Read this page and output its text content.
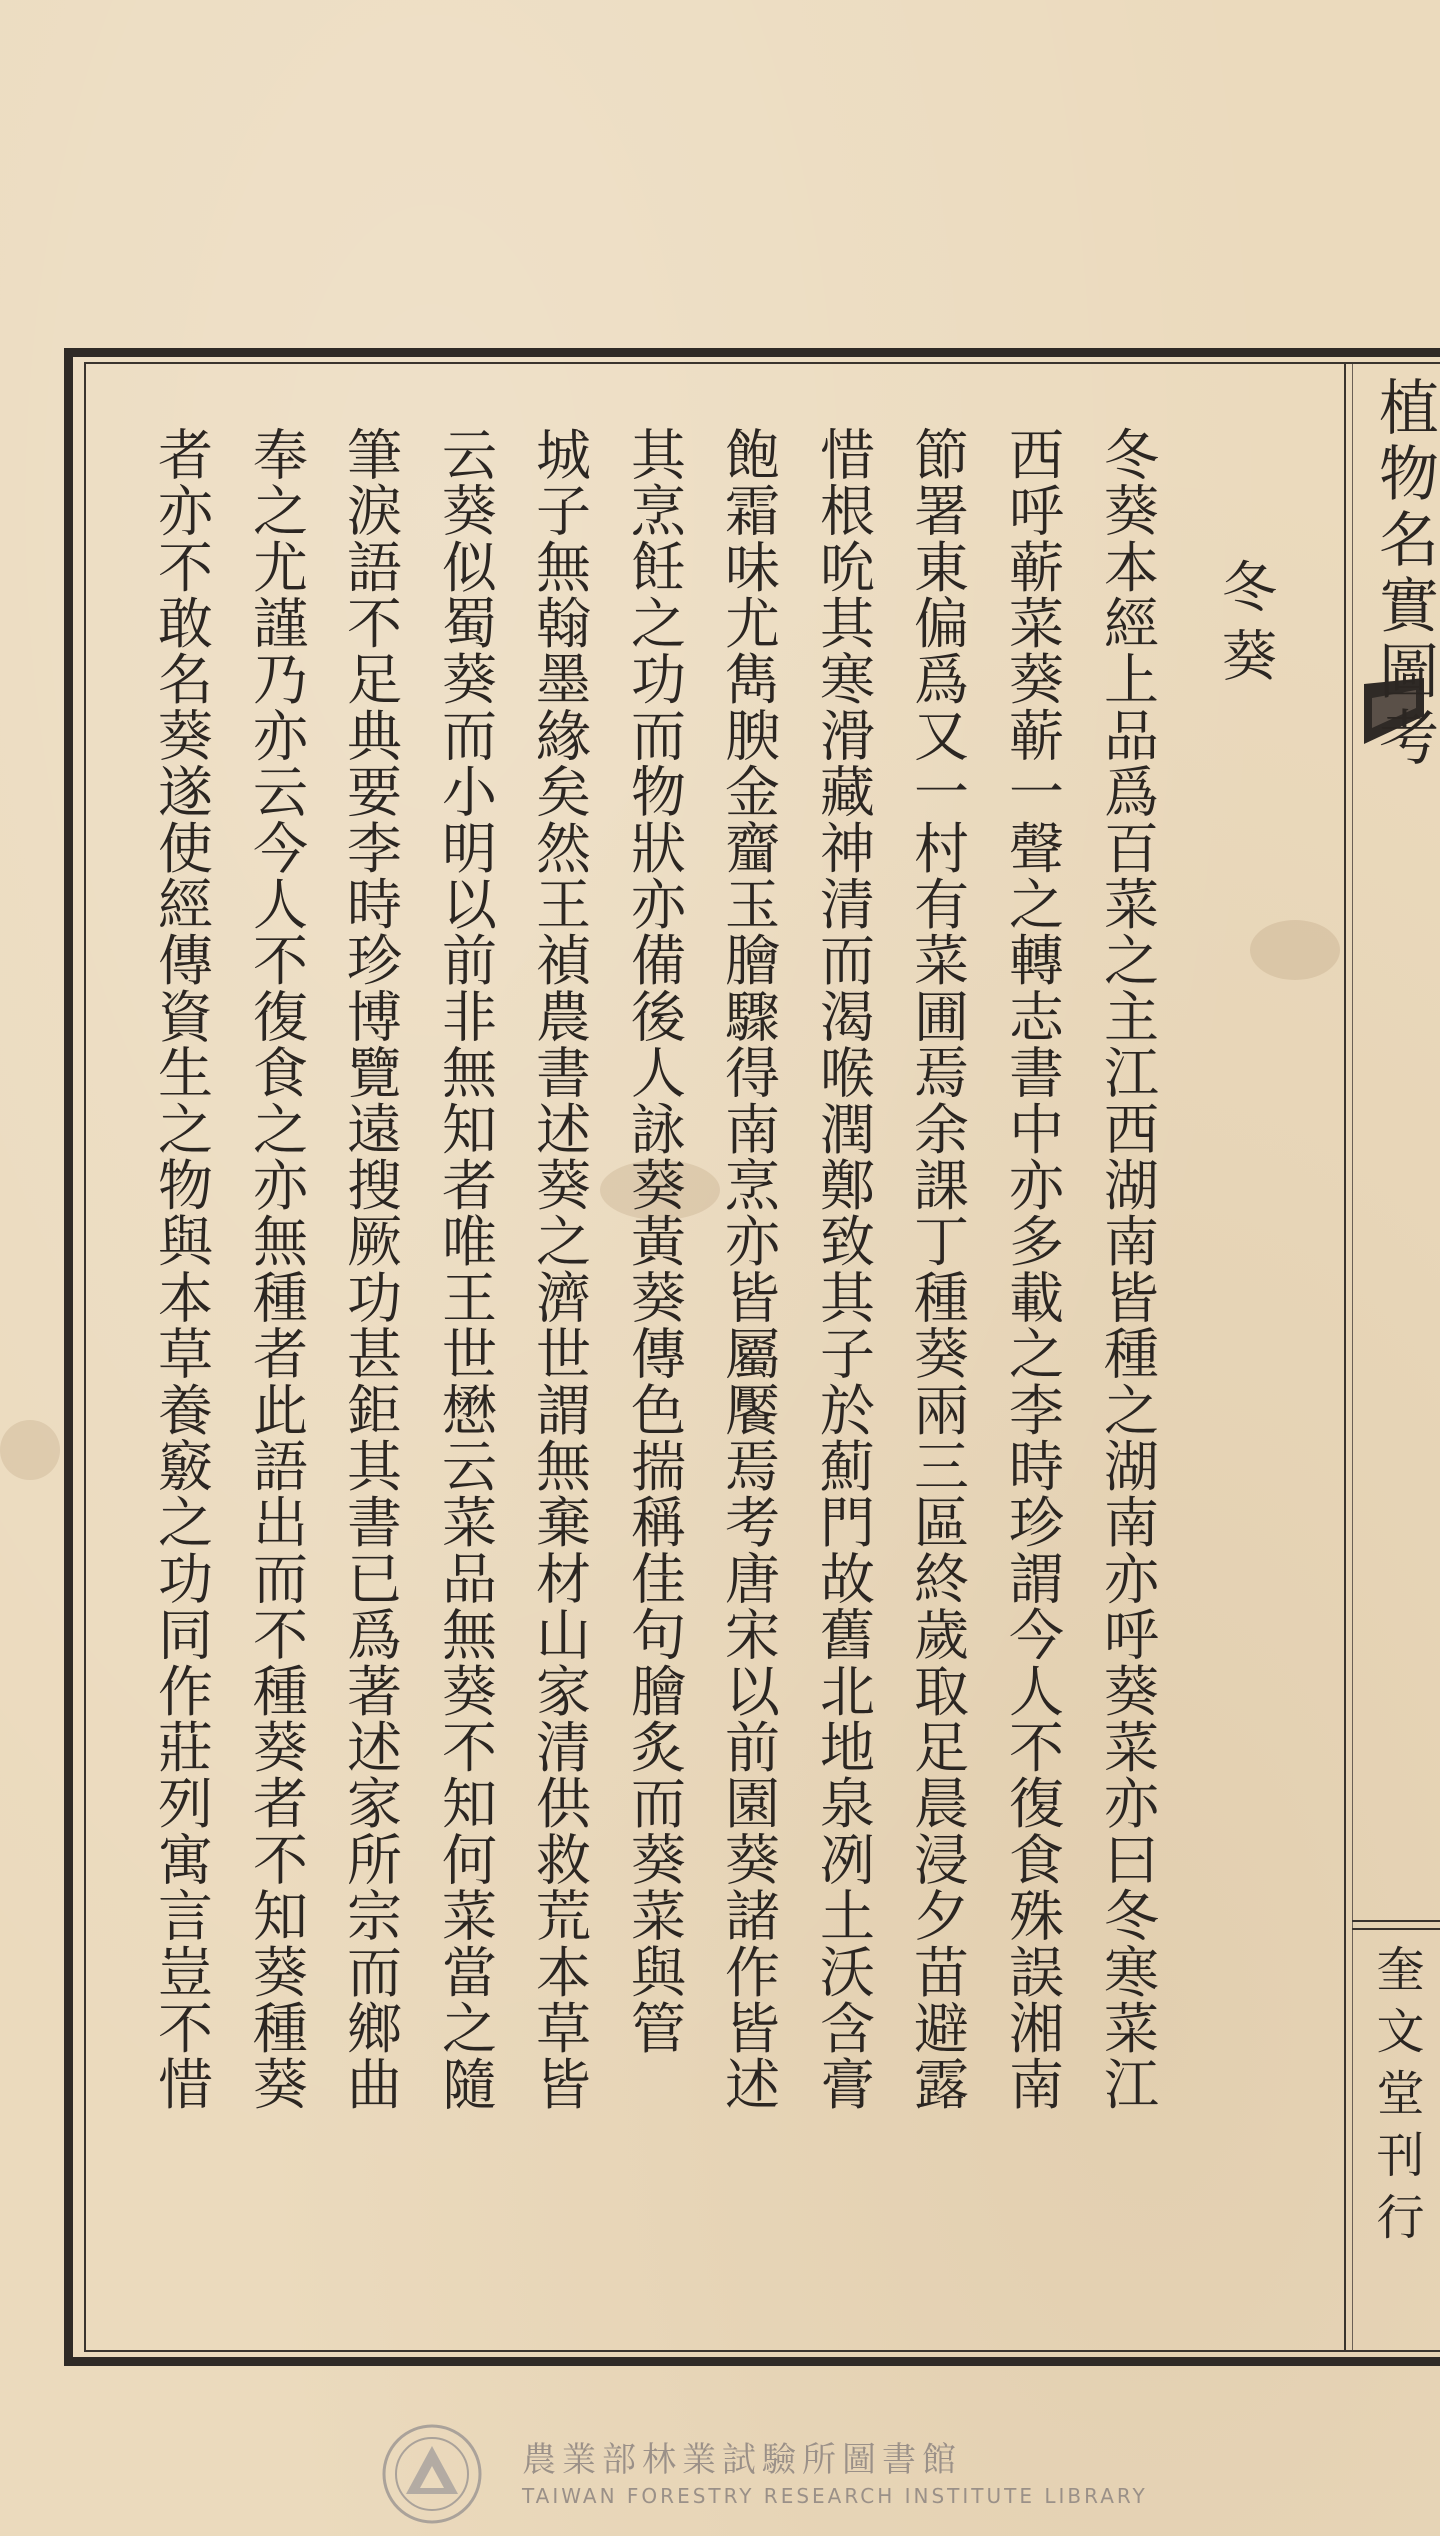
植物名實圖考
冬葵
奎文堂刊行
冬葵本經上品爲百菜之主江西湖南皆種之湖南亦呼葵菜亦曰冬寒菜江
西呼蕲菜葵蕲一聲之轉志書中亦多載之李時珍謂今人不復食殊誤湘南
節署東偏爲又一村有菜圃焉余課丁種葵兩三區終歲取足晨浸夕苗避露
惜根吮其寒滑藏神清而渴喉潤鄭致其子於薊門故舊北地泉冽土沃含膏
飽霜味尤雋腴金齏玉膾驟得南烹亦皆屬饜焉考唐宋以前園葵諸作皆述
其烹飪之功而物狀亦備後人詠葵黃葵傳色揣稱佳句膾炙而葵菜與管
城子無翰墨緣矣然王禎農書述葵之濟世謂無棄材山家清供救荒本草皆
云葵似蜀葵而小明以前非無知者唯王世懋云菜品無葵不知何菜當之隨
筆淚語不足典要李時珍博覽遠搜厥功甚鉅其書已爲著述家所宗而鄉曲
奉之尤謹乃亦云今人不復食之亦無種者此語出而不種葵者不知葵種葵
者亦不敢名葵遂使經傳資生之物與本草養竅之功同作莊列寓言豈不惜
農業部林業試驗所圖書館
TAIWAN FORESTRY RESEARCH INSTITUTE LIBRARY
